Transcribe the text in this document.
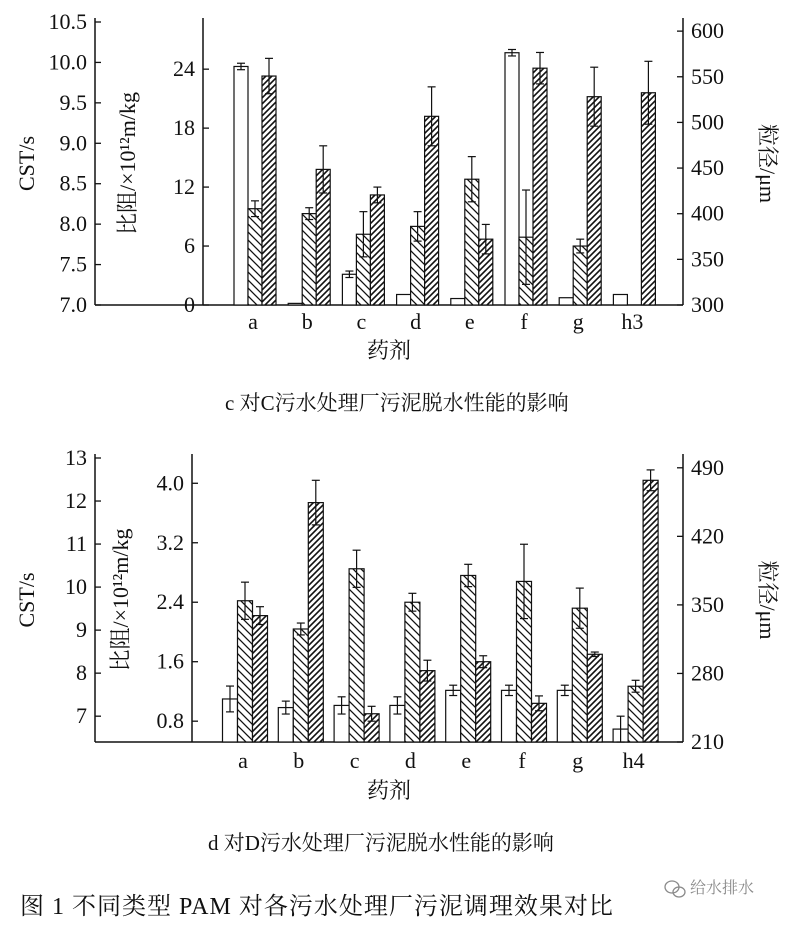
7.0
7.5
8.0
8.5
9.0
9.5
10.0
10.5
0
6
12
18
24
300
350
400
450
500
550
600
CST/s	比阻/×10¹²m/kg	粒径/μm
a b c d e f g h3
药剂
c 对C污水处理厂污泥脱水性能的影响
7
8
9
10
11
12
13
0.8
1.6
2.4
3.2
4.0
210
280
350
420
490
CST/s	比阻/×10¹²m/kg	粒径/μm
a b c d e f g h4
药剂
d 对D污水处理厂污泥脱水性能的影响
图 1 不同类型 PAM 对各污水处理厂污泥调理效果对比
给水排水
